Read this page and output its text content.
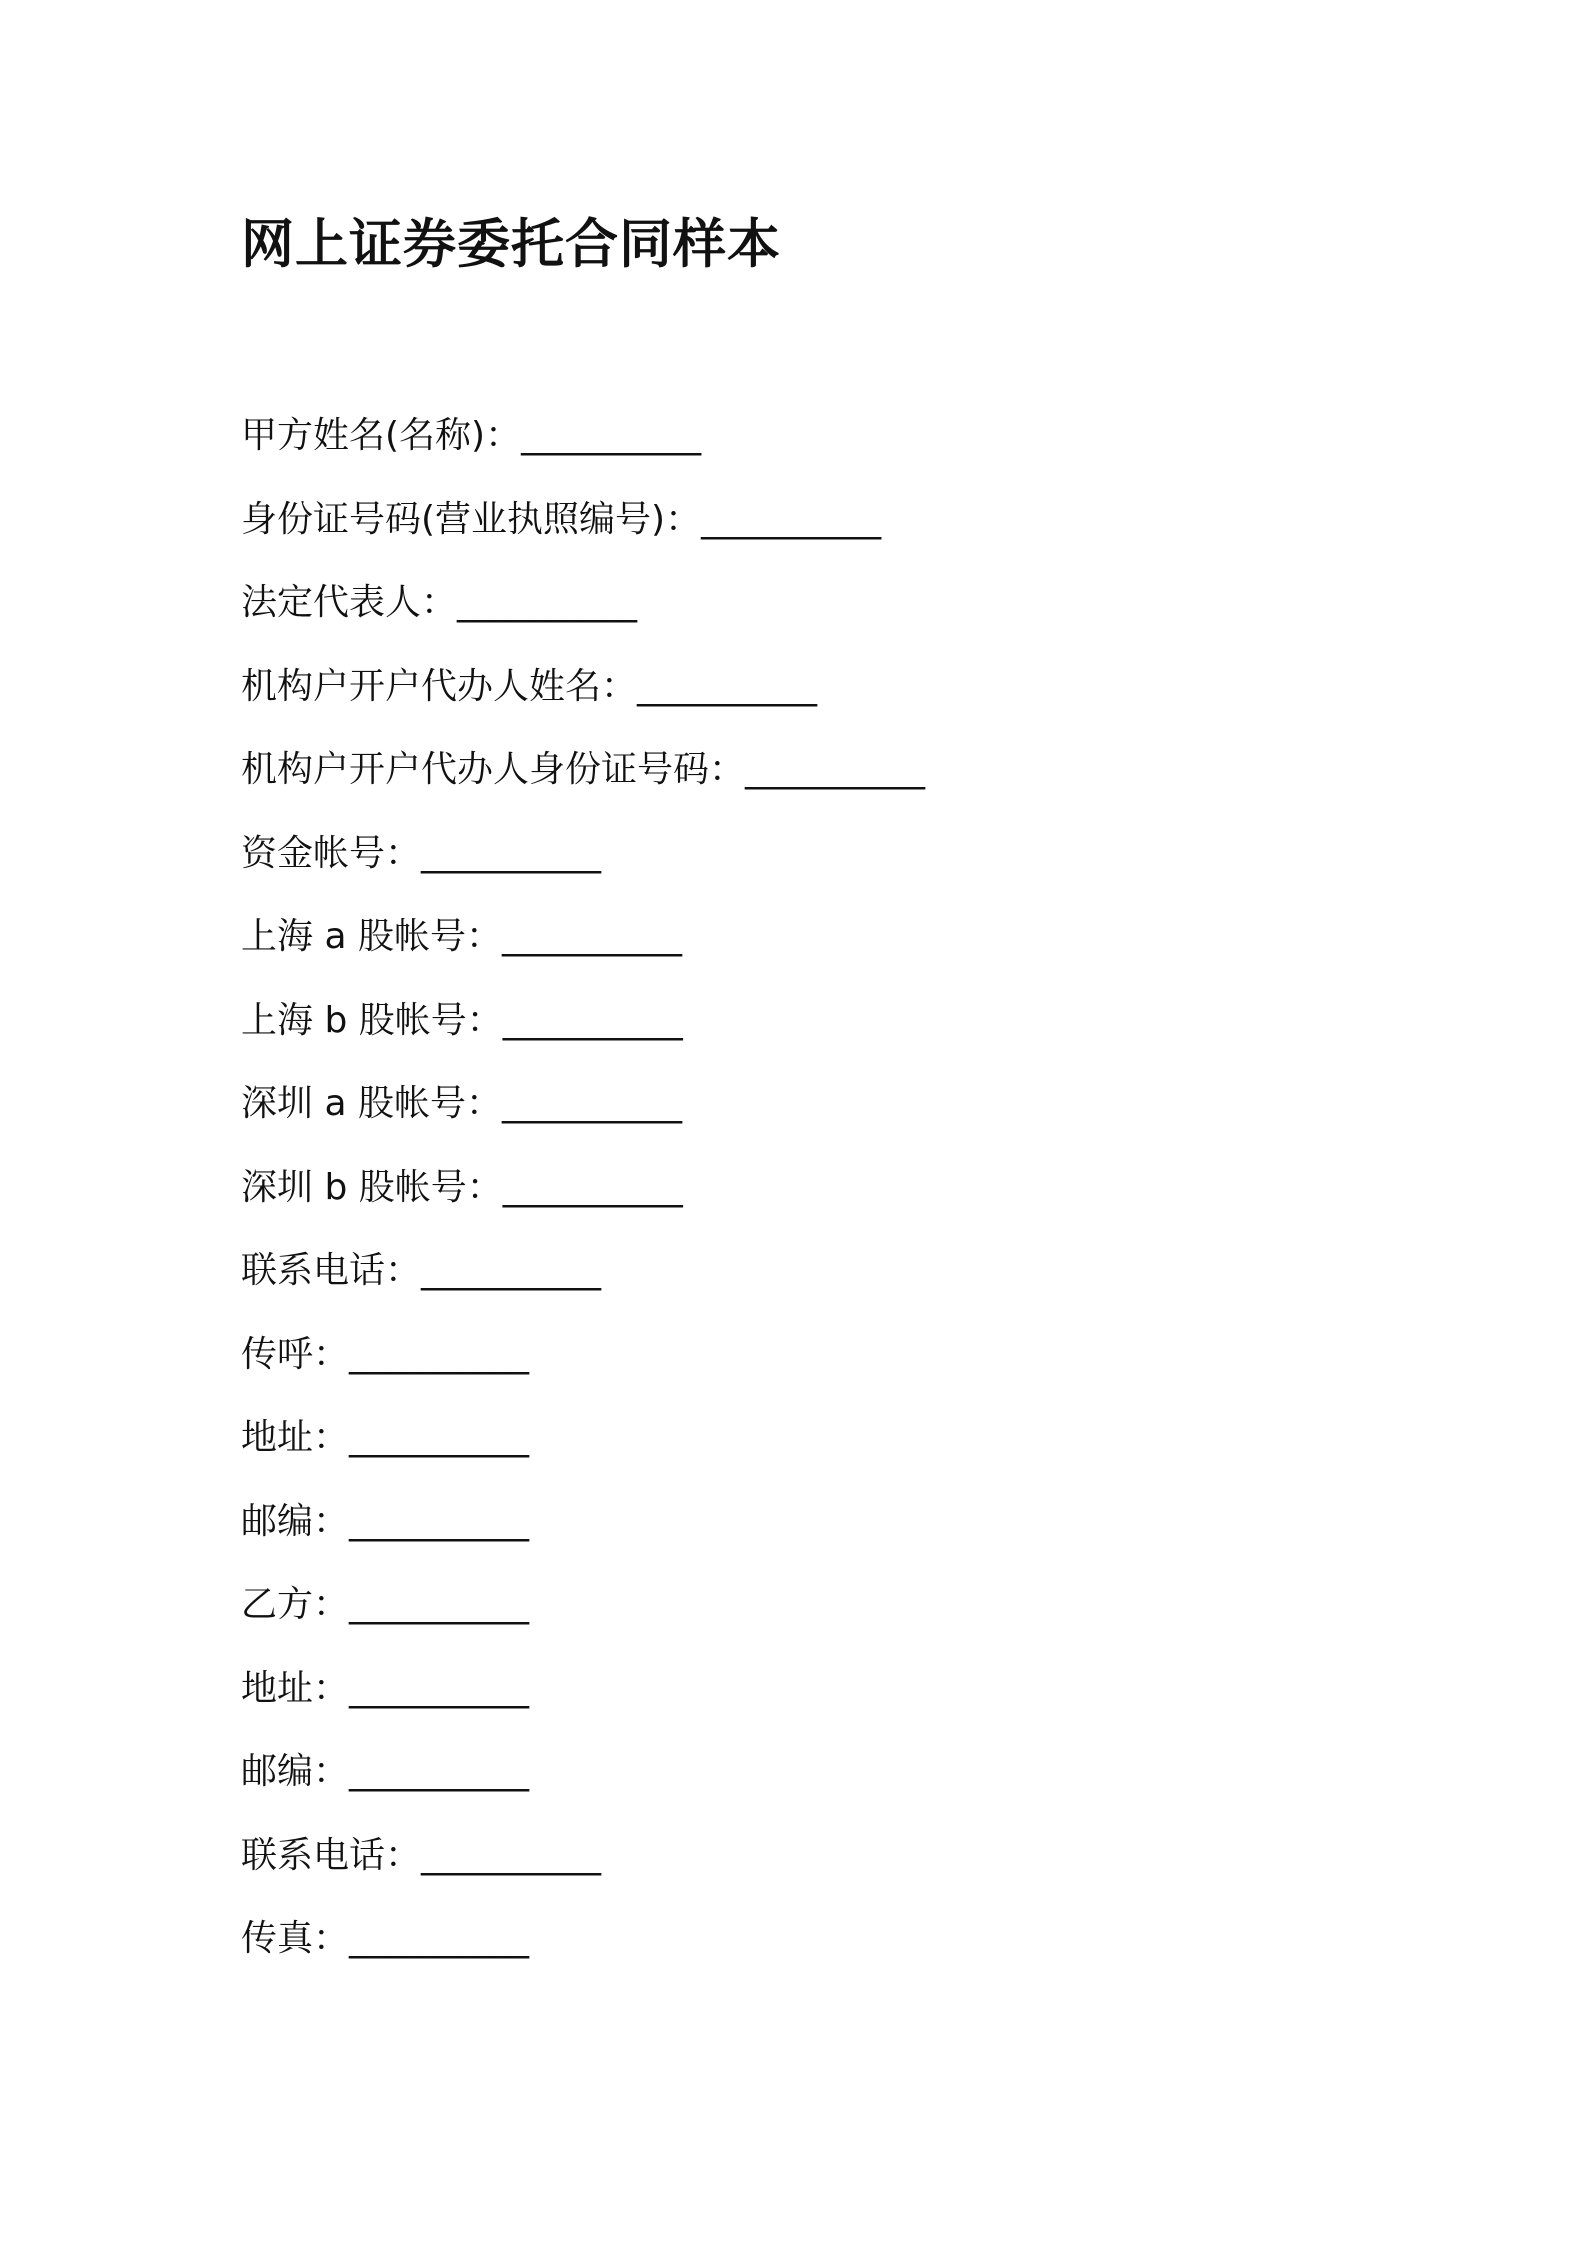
网上证券委托合同样本
甲方姓名(名称)：__________
身份证号码(营业执照编号)：__________
法定代表人：__________
机构户开户代办人姓名：__________
机构户开户代办人身份证号码：__________
资金帐号：__________
上海 a 股帐号：__________
上海 b 股帐号：__________
深圳 a 股帐号：__________
深圳 b 股帐号：__________
联系电话：__________
传呼：__________
地址：__________
邮编：__________
乙方：__________
地址：__________
邮编：__________
联系电话：__________
传真：__________
